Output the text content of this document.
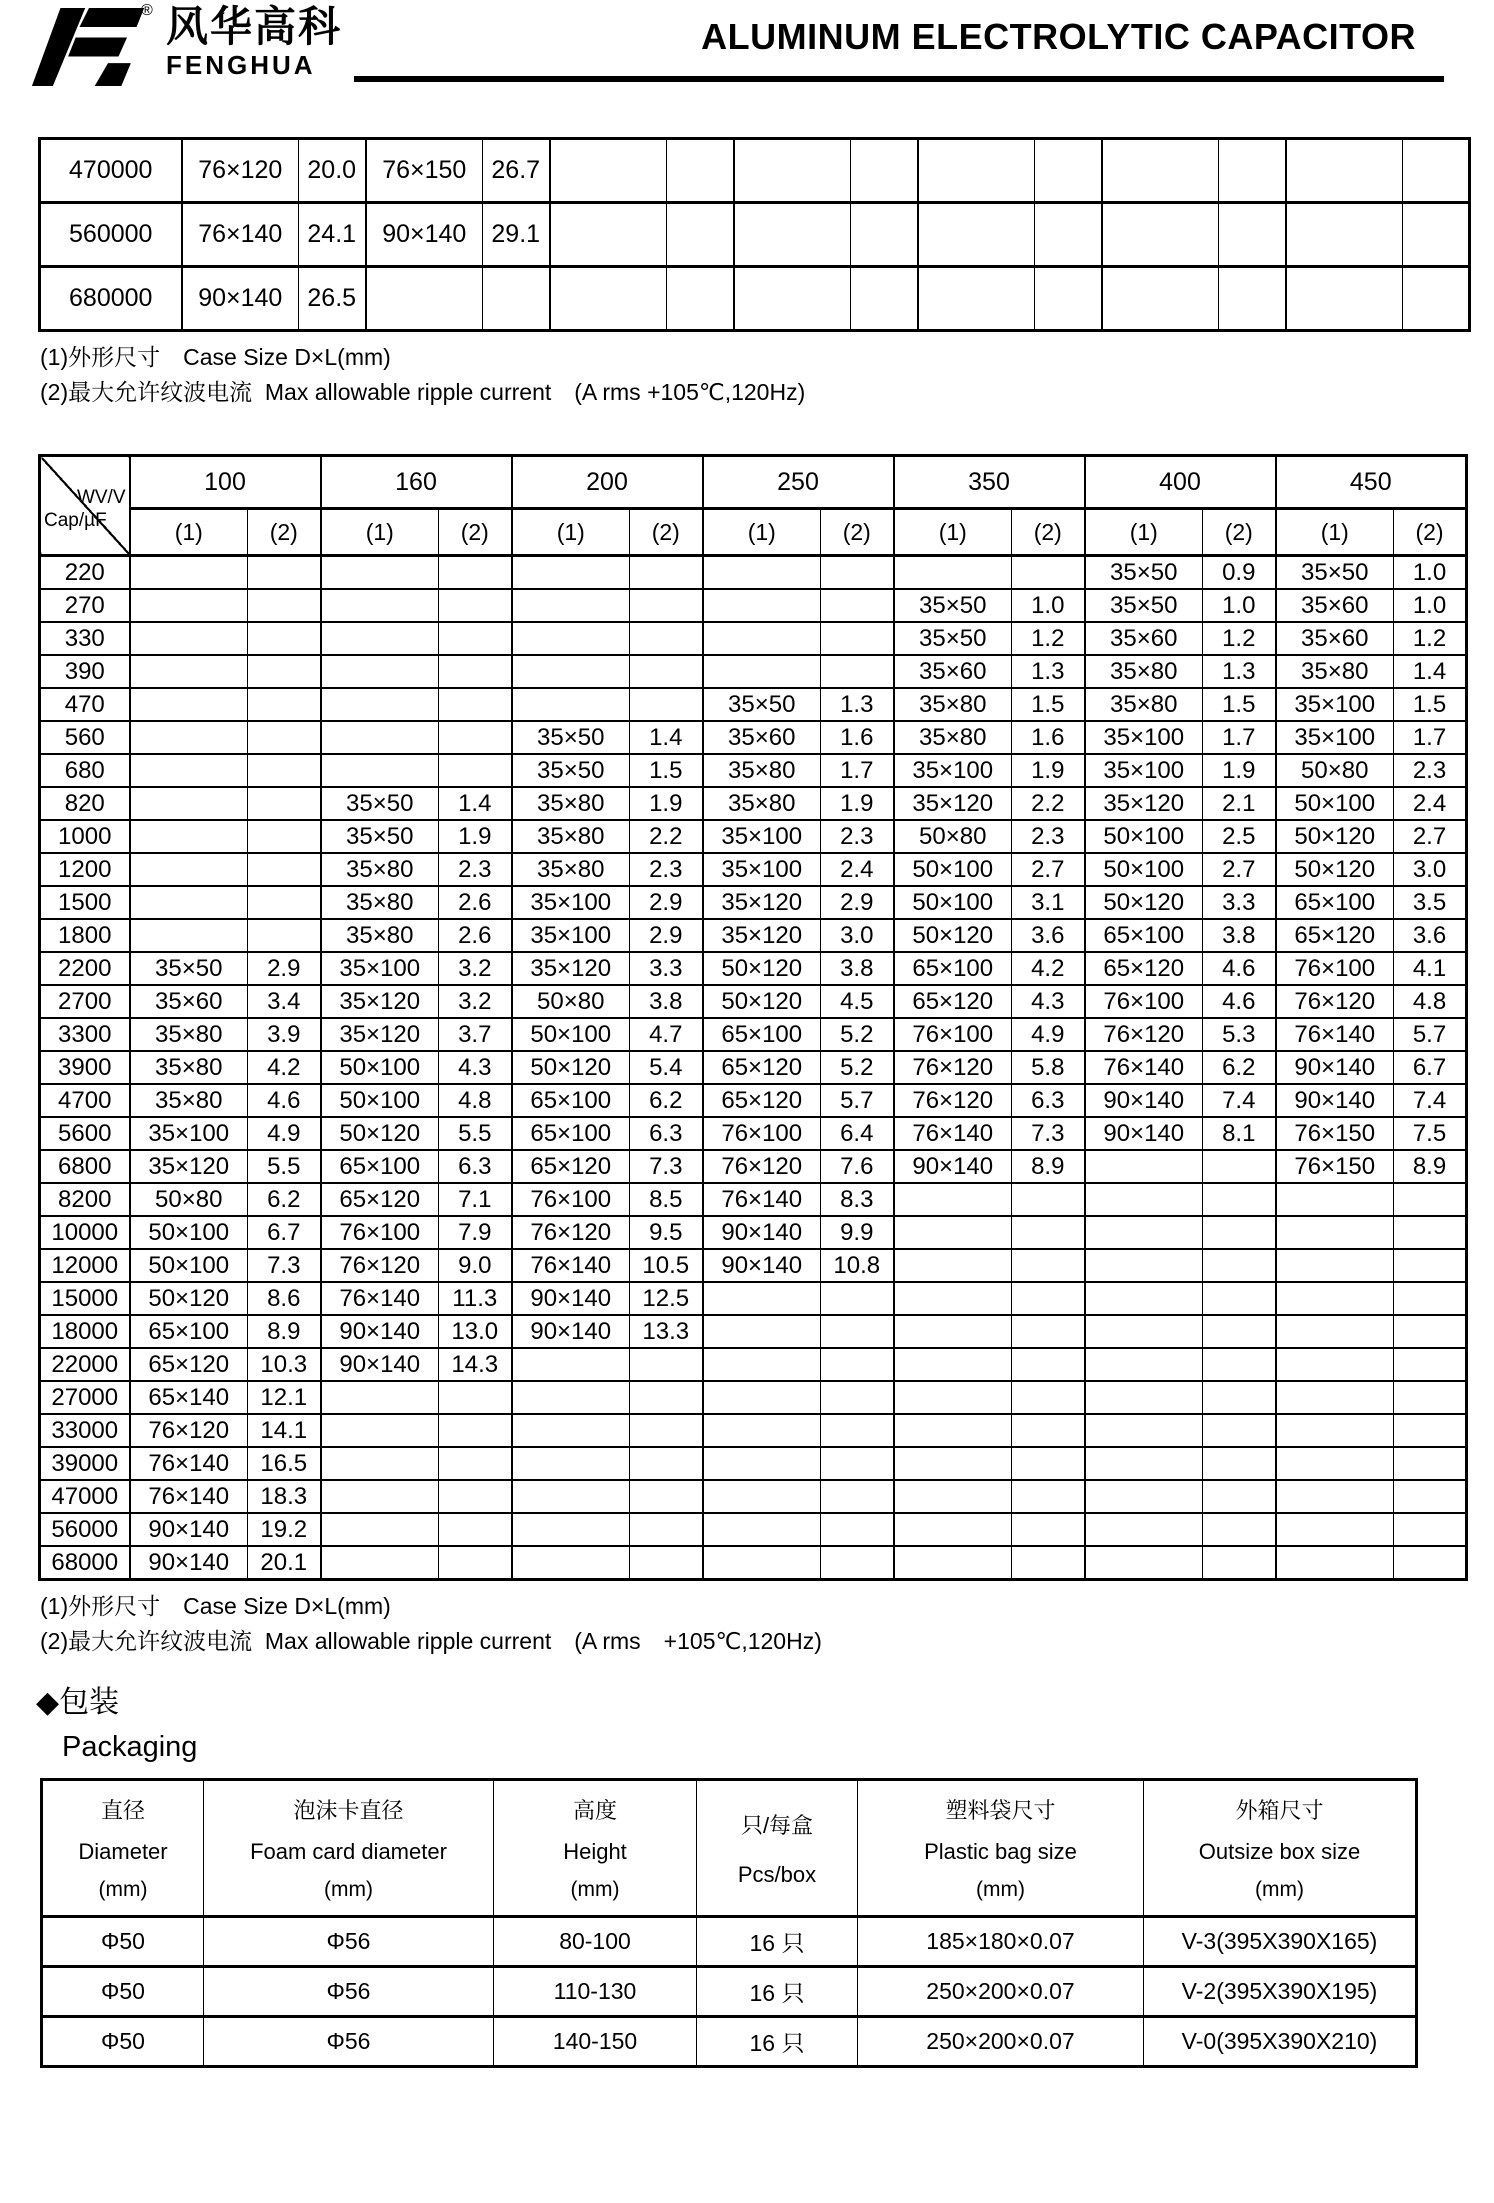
® 风华高科
FENGHUA
ALUMINUM ELECTROLYTIC CAPACITOR
470000	76×120	20.0	76×150	26.7										
560000	76×140	24.1	90×140	29.1										
680000	90×140	26.5												
(1)外形尺寸　Case Size D×L(mm)
(2)最大允许纹波电流  Max allowable ripple current　(A rms +105℃,120Hz)
WV/V
Cap/µF	100		160		200		250		350		400		450	
	(1)	(2)	(1)	(2)	(1)	(2)	(1)	(2)	(1)	(2)	(1)	(2)	(1)	(2)
220											35×50	0.9	35×50	1.0
270									35×50	1.0	35×50	1.0	35×60	1.0
330									35×50	1.2	35×60	1.2	35×60	1.2
390									35×60	1.3	35×80	1.3	35×80	1.4
470							35×50	1.3	35×80	1.5	35×80	1.5	35×100	1.5
560					35×50	1.4	35×60	1.6	35×80	1.6	35×100	1.7	35×100	1.7
680					35×50	1.5	35×80	1.7	35×100	1.9	35×100	1.9	50×80	2.3
820			35×50	1.4	35×80	1.9	35×80	1.9	35×120	2.2	35×120	2.1	50×100	2.4
1000			35×50	1.9	35×80	2.2	35×100	2.3	50×80	2.3	50×100	2.5	50×120	2.7
1200			35×80	2.3	35×80	2.3	35×100	2.4	50×100	2.7	50×100	2.7	50×120	3.0
1500			35×80	2.6	35×100	2.9	35×120	2.9	50×100	3.1	50×120	3.3	65×100	3.5
1800			35×80	2.6	35×100	2.9	35×120	3.0	50×120	3.6	65×100	3.8	65×120	3.6
2200	35×50	2.9	35×100	3.2	35×120	3.3	50×120	3.8	65×100	4.2	65×120	4.6	76×100	4.1
2700	35×60	3.4	35×120	3.2	50×80	3.8	50×120	4.5	65×120	4.3	76×100	4.6	76×120	4.8
3300	35×80	3.9	35×120	3.7	50×100	4.7	65×100	5.2	76×100	4.9	76×120	5.3	76×140	5.7
3900	35×80	4.2	50×100	4.3	50×120	5.4	65×120	5.2	76×120	5.8	76×140	6.2	90×140	6.7
4700	35×80	4.6	50×100	4.8	65×100	6.2	65×120	5.7	76×120	6.3	90×140	7.4	90×140	7.4
5600	35×100	4.9	50×120	5.5	65×100	6.3	76×100	6.4	76×140	7.3	90×140	8.1	76×150	7.5
6800	35×120	5.5	65×100	6.3	65×120	7.3	76×120	7.6	90×140	8.9			76×150	8.9
8200	50×80	6.2	65×120	7.1	76×100	8.5	76×140	8.3						
10000	50×100	6.7	76×100	7.9	76×120	9.5	90×140	9.9						
12000	50×100	7.3	76×120	9.0	76×140	10.5	90×140	10.8						
15000	50×120	8.6	76×140	11.3	90×140	12.5								
18000	65×100	8.9	90×140	13.0	90×140	13.3								
22000	65×120	10.3	90×140	14.3										
27000	65×140	12.1												
33000	76×120	14.1												
39000	76×140	16.5												
47000	76×140	18.3												
56000	90×140	19.2												
68000	90×140	20.1												
(1)外形尺寸　Case Size D×L(mm)
(2)最大允许纹波电流  Max allowable ripple current　(A rms　+105℃,120Hz)
◆包装
Packaging
直径
Diameter
(mm)	泡沫卡直径
Foam card diameter
(mm)	高度
Height
(mm)	只/每盒
Pcs/box	塑料袋尺寸
Plastic bag size
(mm)	外箱尺寸
Outsize box size
(mm)

Φ50	Φ56	80-100	16 只	185×180×0.07	V-3(395X390X165)
Φ50	Φ56	110-130	16 只	250×200×0.07	V-2(395X390X195)
Φ50	Φ56	140-150	16 只	250×200×0.07	V-0(395X390X210)
